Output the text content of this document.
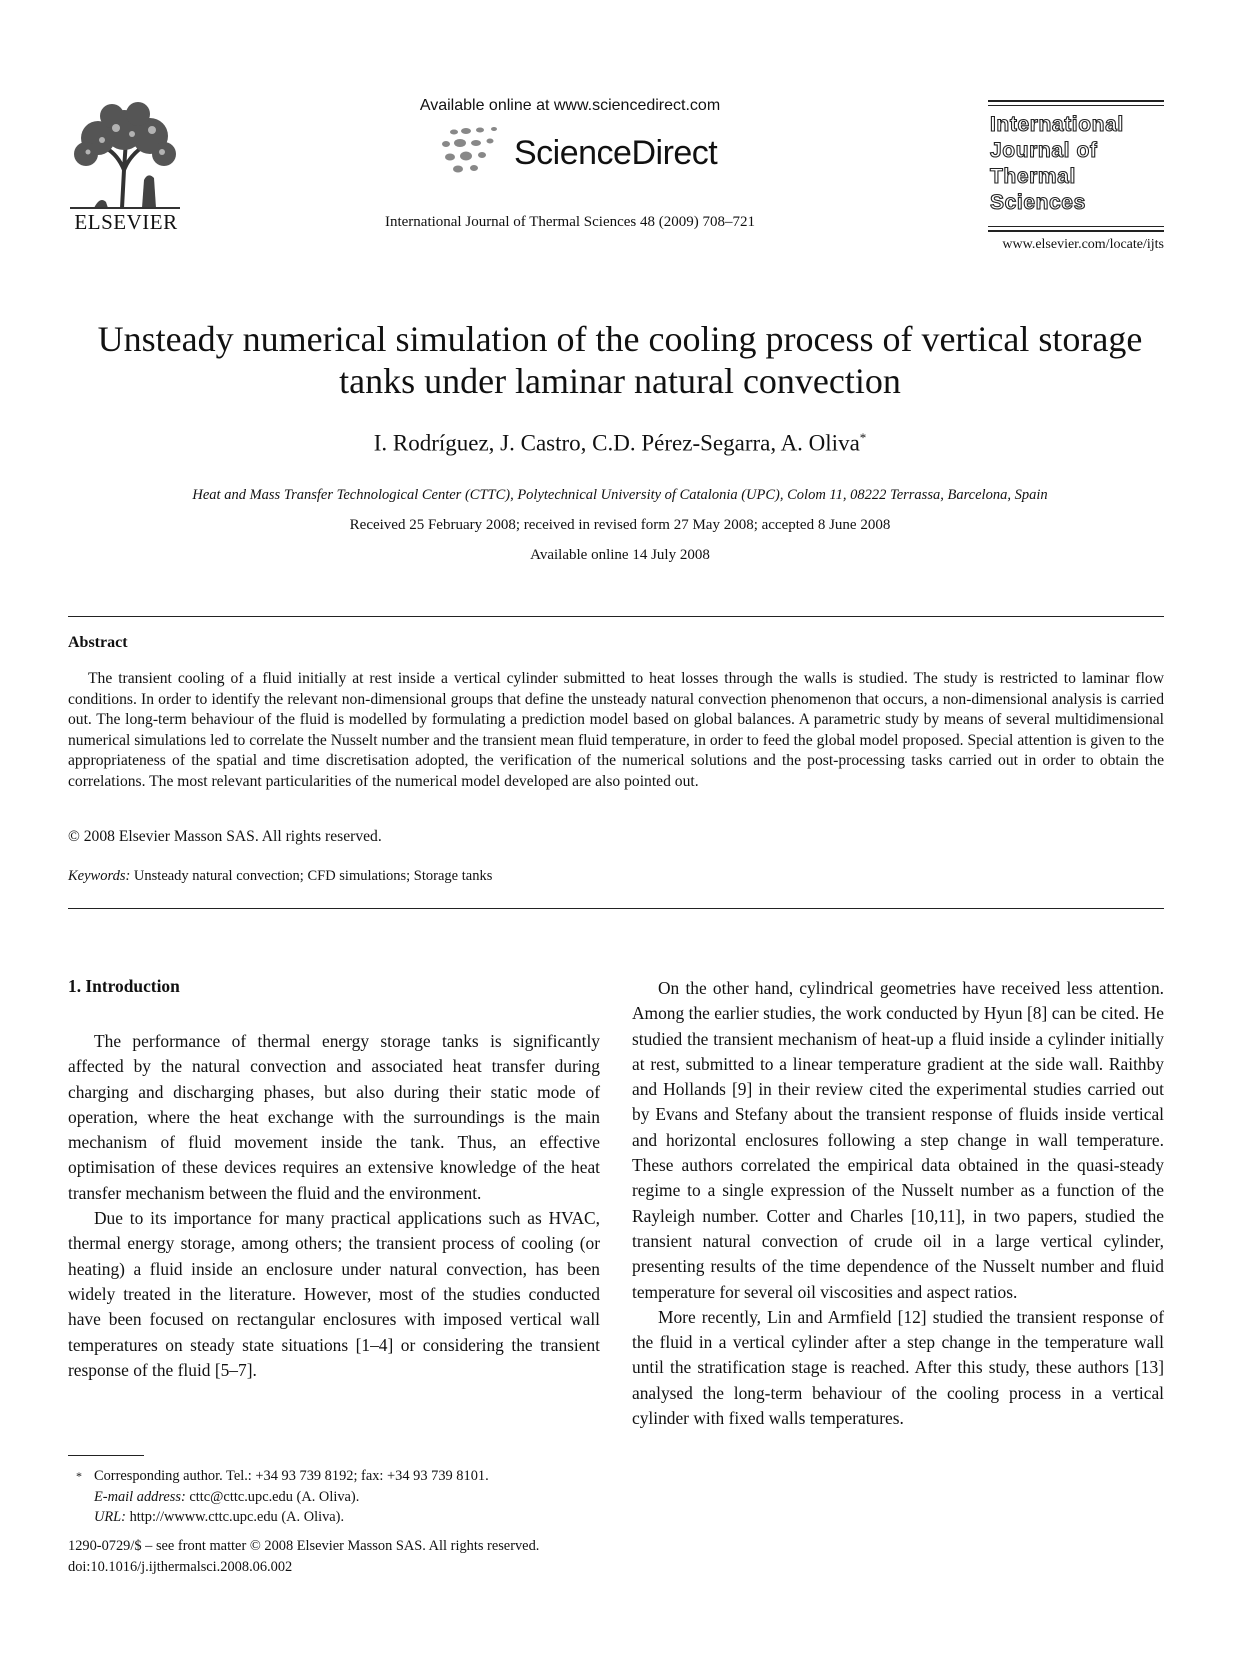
ELSEVIER
Available online at www.sciencedirect.com
ScienceDirect
International Journal of Thermal Sciences 48 (2009) 708–721
International
Journal of
Thermal
Sciences
www.elsevier.com/locate/ijts
Unsteady numerical simulation of the cooling process of vertical storage
tanks under laminar natural convection
I. Rodríguez, J. Castro, C.D. Pérez-Segarra, A. Oliva*
Heat and Mass Transfer Technological Center (CTTC), Polytechnical University of Catalonia (UPC), Colom 11, 08222 Terrassa, Barcelona, Spain
Received 25 February 2008; received in revised form 27 May 2008; accepted 8 June 2008
Available online 14 July 2008
Abstract

The transient cooling of a fluid initially at rest inside a vertical cylinder submitted to heat losses through the walls is studied. The study is restricted to laminar flow conditions. In order to identify the relevant non-dimensional groups that define the unsteady natural convection phenomenon that occurs, a non-dimensional analysis is carried out. The long-term behaviour of the fluid is modelled by formulating a prediction model based on global balances. A parametric study by means of several multidimensional numerical simulations led to correlate the Nusselt number and the transient mean fluid temperature, in order to feed the global model proposed. Special attention is given to the appropriateness of the spatial and time discretisation adopted, the verification of the numerical solutions and the post-processing tasks carried out in order to obtain the correlations. The most relevant particularities of the numerical model developed are also pointed out.

© 2008 Elsevier Masson SAS. All rights reserved.
Keywords: Unsteady natural convection; CFD simulations; Storage tanks
1. Introduction

The performance of thermal energy storage tanks is significantly affected by the natural convection and associated heat transfer during charging and discharging phases, but also during their static mode of operation, where the heat exchange with the surroundings is the main mechanism of fluid movement inside the tank. Thus, an effective optimisation of these devices requires an extensive knowledge of the heat transfer mechanism between the fluid and the environment.

Due to its importance for many practical applications such as HVAC, thermal energy storage, among others; the transient process of cooling (or heating) a fluid inside an enclosure under natural convection, has been widely treated in the literature. However, most of the studies conducted have been focused on rectangular enclosures with imposed vertical wall temperatures on steady state situations [1–4] or considering the transient response of the fluid [5–7].

On the other hand, cylindrical geometries have received less attention. Among the earlier studies, the work conducted by Hyun [8] can be cited. He studied the transient mechanism of heat-up a fluid inside a cylinder initially at rest, submitted to a linear temperature gradient at the side wall. Raithby and Hollands [9] in their review cited the experimental studies carried out by Evans and Stefany about the transient response of fluids inside vertical and horizontal enclosures following a step change in wall temperature. These authors correlated the empirical data obtained in the quasi-steady regime to a single expression of the Nusselt number as a function of the Rayleigh number. Cotter and Charles [10,11], in two papers, studied the transient natural convection of crude oil in a large vertical cylinder, presenting results of the time dependence of the Nusselt number and fluid temperature for several oil viscosities and aspect ratios.

More recently, Lin and Armfield [12] studied the transient response of the fluid in a vertical cylinder after a step change in the temperature wall until the stratification stage is reached. After this study, these authors [13] analysed the long-term behaviour of the cooling process in a vertical cylinder with fixed walls temperatures.

* Corresponding author. Tel.: +34 93 739 8192; fax: +34 93 739 8101.
E-mail address: cttc@cttc.upc.edu (A. Oliva).
URL: http://wwww.cttc.upc.edu (A. Oliva).
1290-0729/$ – see front matter © 2008 Elsevier Masson SAS. All rights reserved.
doi:10.1016/j.ijthermalsci.2008.06.002
